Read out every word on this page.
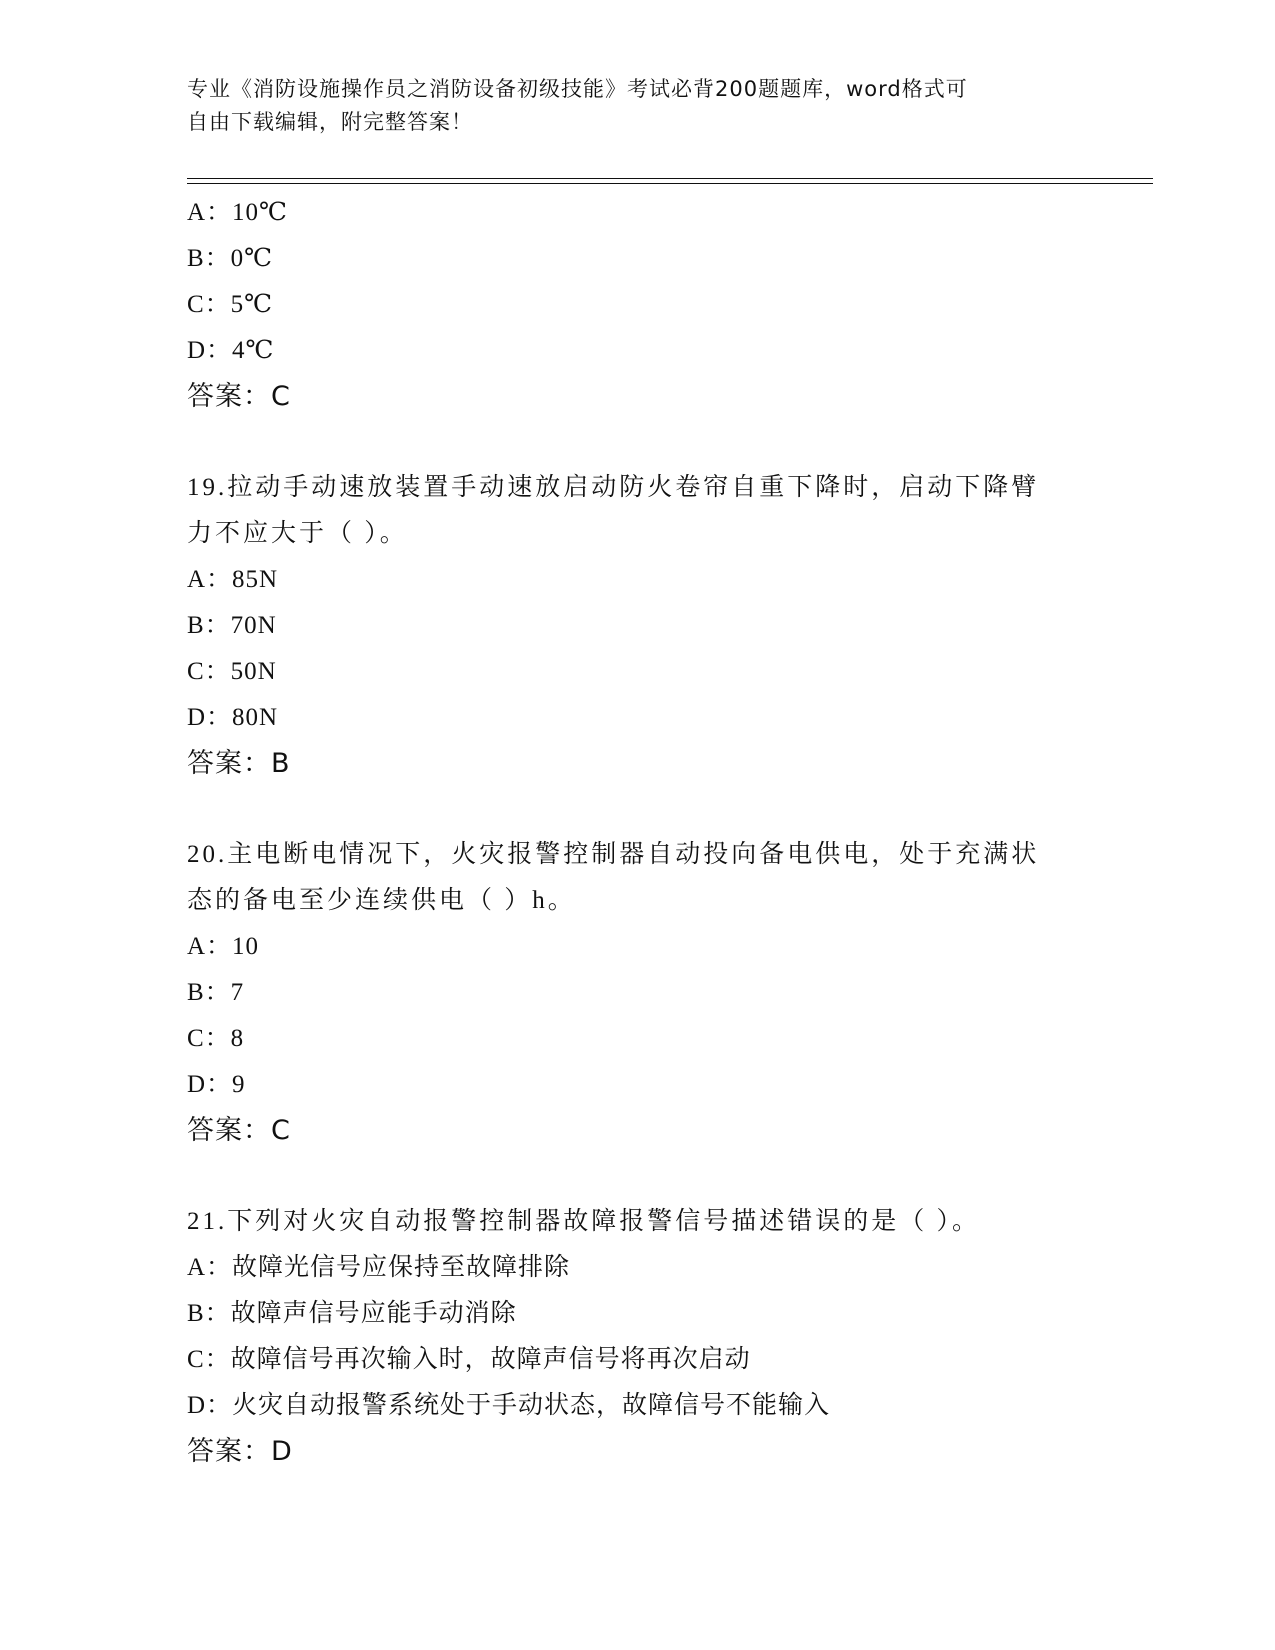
专业《消防设施操作员之消防设备初级技能》考试必背200题题库，word格式可
自由下载编辑，附完整答案！
A：10℃
B：0℃
C：5℃
D：4℃
答案：C
19.拉动手动速放装置手动速放启动防火卷帘自重下降时，启动下降臂
力不应大于（ ）。
A：85N
B：70N
C：50N
D：80N
答案：B
20.主电断电情况下，火灾报警控制器自动投向备电供电，处于充满状
态的备电至少连续供电（ ）h。
A：10
B：7
C：8
D：9
答案：C
21.下列对火灾自动报警控制器故障报警信号描述错误的是（ ）。
A：故障光信号应保持至故障排除
B：故障声信号应能手动消除
C：故障信号再次输入时，故障声信号将再次启动
D：火灾自动报警系统处于手动状态，故障信号不能输入
答案：D
